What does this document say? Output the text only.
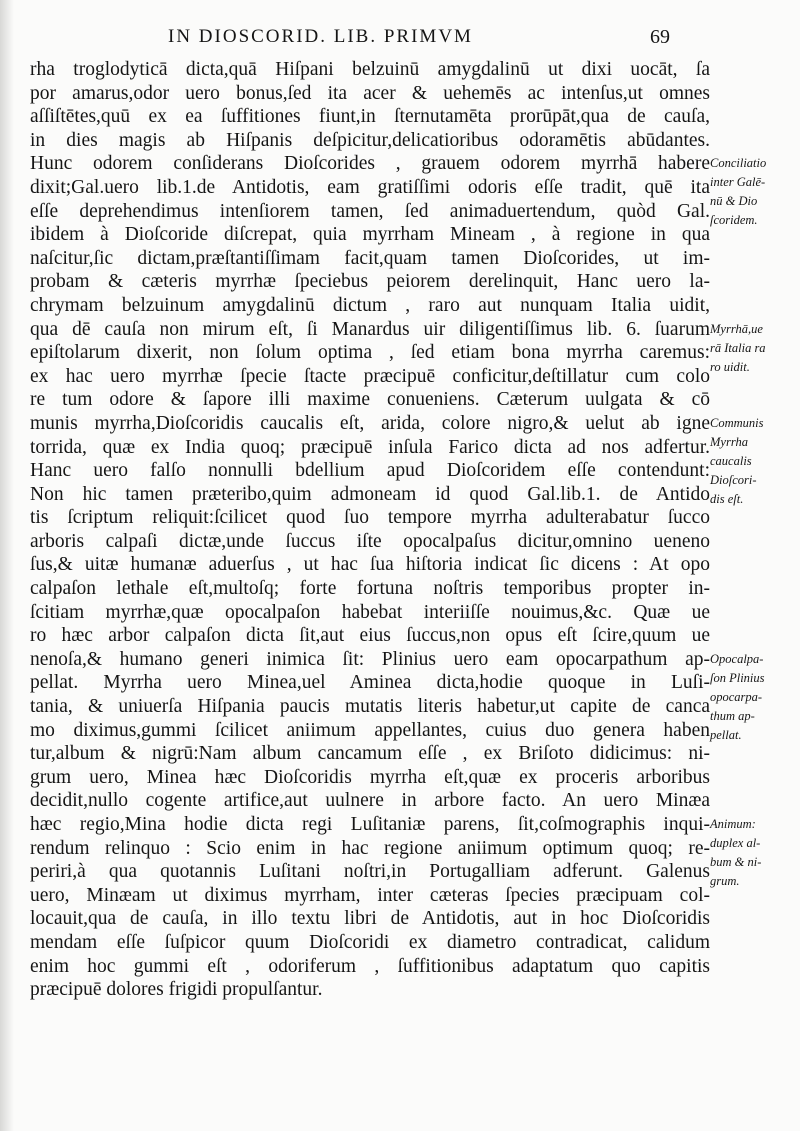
IN DIOSCORID. LIB. PRIMVM	69
rha troglodyticā dicta,quā Hiſpani belzuinū amygdalinū ut dixi uocāt, ſa
por amarus,odor uero bonus,ſed ita acer & uehemēs ac intenſus,ut omnes
aſſiſtētes,quū ex ea ſuffitiones fiunt,in ſternutamēta prorūpāt,qua de cauſa,
in dies magis ab Hiſpanis deſpicitur,delicatioribus odoramētis abūdantes.
Hunc odorem conſiderans Dioſcorides , grauem odorem myrrhā habere
dixit;Gal.uero lib.1.de Antidotis, eam gratiſſimi odoris eſſe tradit, quē ita
eſſe deprehendimus intenſiorem tamen, ſed animaduertendum, quòd Gal.
ibidem à Dioſcoride diſcrepat, quia myrrham Mineam , à regione in qua
naſcitur,ſic dictam,præſtantiſſimam facit,quam tamen Dioſcorides, ut im-
probam & cæteris myrrhæ ſpeciebus peiorem derelinquit, Hanc uero la-
chrymam belzuinum amygdalinū dictum , raro aut nunquam Italia uidit,
qua dē cauſa non mirum eſt, ſi Manardus uir diligentiſſimus lib. 6. ſuarum
epiſtolarum dixerit, non ſolum optima , ſed etiam bona myrrha caremus:
ex hac uero myrrhæ ſpecie ſtacte præcipuē conficitur,deſtillatur cum colo
re tum odore & ſapore illi maxime conueniens. Cæterum uulgata & cō
munis myrrha,Dioſcoridis caucalis eſt, arida, colore nigro,& uelut ab igne
torrida, quæ ex India quoq; præcipuē inſula Farico dicta ad nos adfertur.
Hanc uero falſo nonnulli bdellium apud Dioſcoridem eſſe contendunt:
Non hic tamen præteribo,quim admoneam id quod Gal.lib.1. de Antido
tis ſcriptum reliquit:ſcilicet quod ſuo tempore myrrha adulterabatur ſucco
arboris calpaſi dictæ,unde ſuccus iſte opocalpaſus dicitur,omnino ueneno
ſus,& uitæ humanæ aduerſus , ut hac ſua hiſtoria indicat ſic dicens : At opo
calpaſon lethale eſt,multoſq; forte fortuna noſtris temporibus propter in-
ſcitiam myrrhæ,quæ opocalpaſon habebat interiiſſe nouimus,&c. Quæ ue
ro hæc arbor calpaſon dicta ſit,aut eius ſuccus,non opus eſt ſcire,quum ue
nenoſa,& humano generi inimica ſit: Plinius uero eam opocarpathum ap-
pellat. Myrrha uero Minea,uel Aminea dicta,hodie quoque in Luſi-
tania, & uniuerſa Hiſpania paucis mutatis literis habetur,ut capite de canca
mo diximus,gummi ſcilicet aniimum appellantes, cuius duo genera haben
tur,album & nigrū:Nam album cancamum eſſe , ex Briſoto didicimus: ni-
grum uero, Minea hæc Dioſcoridis myrrha eſt,quæ ex proceris arboribus
decidit,nullo cogente artifice,aut uulnere in arbore facto. An uero Minæa
hæc regio,Mina hodie dicta regi Luſitaniæ parens, ſit,coſmographis inqui-
rendum relinquo : Scio enim in hac regione aniimum optimum quoq; re-
periri,à qua quotannis Luſitani noſtri,in Portugalliam adferunt. Galenus
uero, Minæam ut diximus myrrham, inter cæteras ſpecies præcipuam col-
locauit,qua de cauſa, in illo textu libri de Antidotis, aut in hoc Dioſcoridis
mendam eſſe ſuſpicor quum Dioſcoridi ex diametro contradicat, calidum
enim hoc gummi eſt , odoriferum , ſuffitionibus adaptatum quo capitis
præcipuē dolores frigidi propulſantur.
Conciliatio
inter Galē-
nū & Dio
ſcoridem.
Myrrhā,ue
rā Italia ra
ro uidit.
Communis
Myrrha
caucalis
Dioſcori-
dis eſt.
Opocalpa-
ſon Plinius
opocarpa-
thum ap-
pellat.
Animum:
duplex al-
bum & ni-
grum.
